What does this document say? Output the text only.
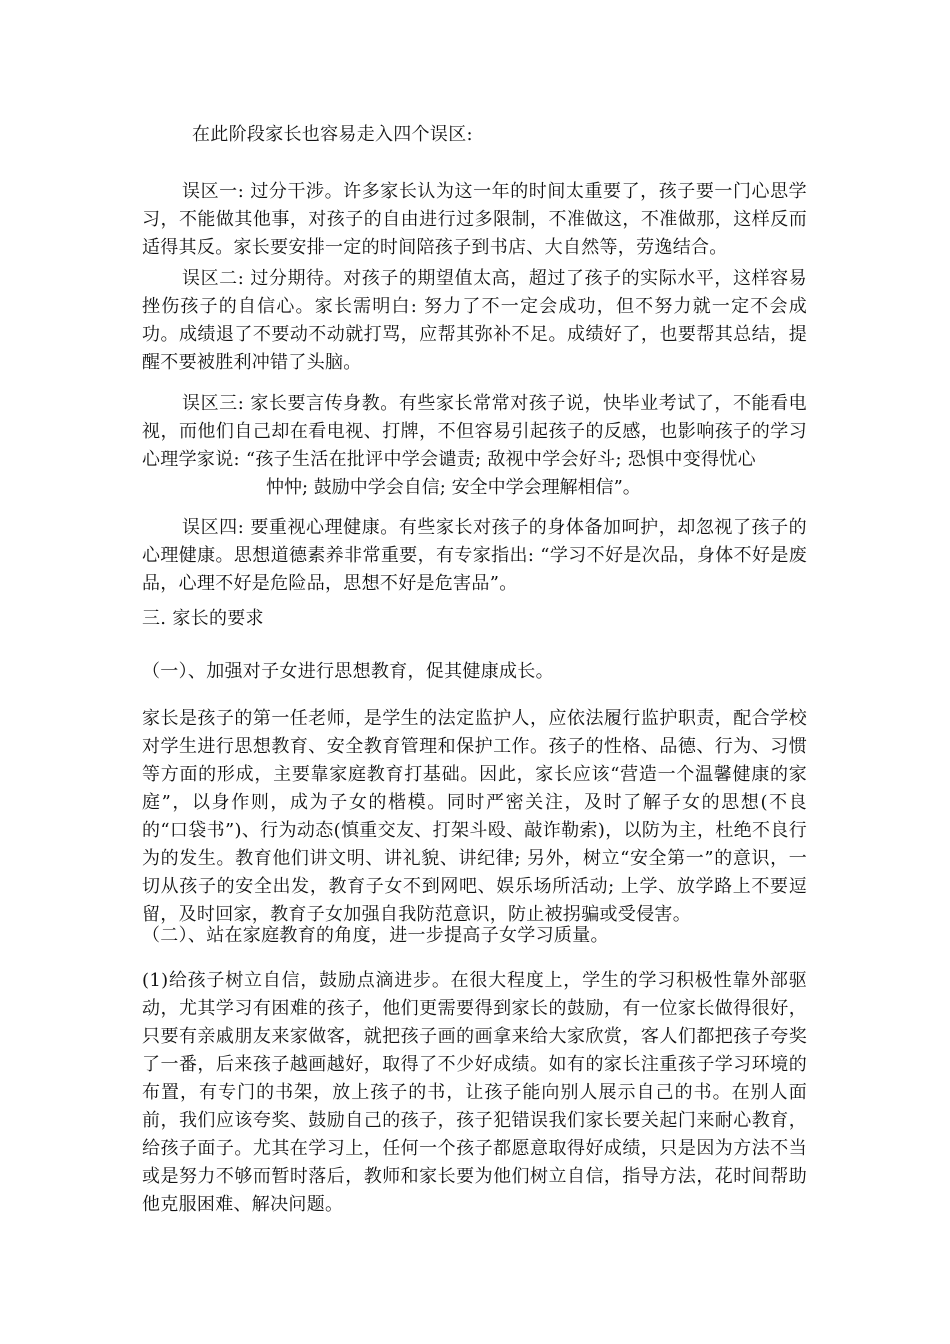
在此阶段家长也容易走入四个误区:

误区一: 过分干涉。许多家长认为这一年的时间太重要了，孩子要一门心思学习，不能做其他事，对孩子的自由进行过多限制，不准做这，不准做那，这样反而适得其反。家长要安排一定的时间陪孩子到书店、大自然等，劳逸结合。

误区二: 过分期待。对孩子的期望值太高，超过了孩子的实际水平，这样容易挫伤孩子的自信心。家长需明白: 努力了不一定会成功，但不努力就一定不会成功。成绩退了不要动不动就打骂，应帮其弥补不足。成绩好了，也要帮其总结，提醒不要被胜利冲错了头脑。

误区三: 家长要言传身教。有些家长常常对孩子说，快毕业考试了，不能看电视，而他们自己却在看电视、打牌，不但容易引起孩子的反感，也影响孩子的学习心理学家说: “孩子生活在批评中学会谴责; 敌视中学会好斗; 恐惧中变得忧心

忡忡; 鼓励中学会自信; 安全中学会理解相信”。

误区四: 要重视心理健康。有些家长对孩子的身体备加呵护，却忽视了孩子的心理健康。思想道德素养非常重要，有专家指出: “学习不好是次品，身体不好是废品，心理不好是危险品，思想不好是危害品”。

三. 家长的要求

（一）、加强对子女进行思想教育，促其健康成长。

家长是孩子的第一任老师，是学生的法定监护人，应依法履行监护职责，配合学校对学生进行思想教育、安全教育管理和保护工作。孩子的性格、品德、行为、习惯等方面的形成，主要靠家庭教育打基础。因此，家长应该“营造一个温馨健康的家庭”，以身作则，成为子女的楷模。同时严密关注，及时了解子女的思想(不良的“口袋书”)、行为动态(慎重交友、打架斗殴、敲诈勒索)，以防为主，杜绝不良行为的发生。教育他们讲文明、讲礼貌、讲纪律; 另外，树立“安全第一”的意识，一切从孩子的安全出发，教育子女不到网吧、娱乐场所活动; 上学、放学路上不要逗留，及时回家，教育子女加强自我防范意识，防止被拐骗或受侵害。

（二）、站在家庭教育的角度，进一步提高子女学习质量。

(1)给孩子树立自信，鼓励点滴进步。在很大程度上，学生的学习积极性靠外部驱动，尤其学习有困难的孩子，他们更需要得到家长的鼓励，有一位家长做得很好，只要有亲戚朋友来家做客，就把孩子画的画拿来给大家欣赏，客人们都把孩子夸奖了一番，后来孩子越画越好，取得了不少好成绩。如有的家长注重孩子学习环境的布置，有专门的书架，放上孩子的书，让孩子能向别人展示自己的书。在别人面前，我们应该夸奖、鼓励自己的孩子，孩子犯错误我们家长要关起门来耐心教育，给孩子面子。尤其在学习上，任何一个孩子都愿意取得好成绩，只是因为方法不当或是努力不够而暂时落后，教师和家长要为他们树立自信，指导方法，花时间帮助他克服困难、解决问题。
